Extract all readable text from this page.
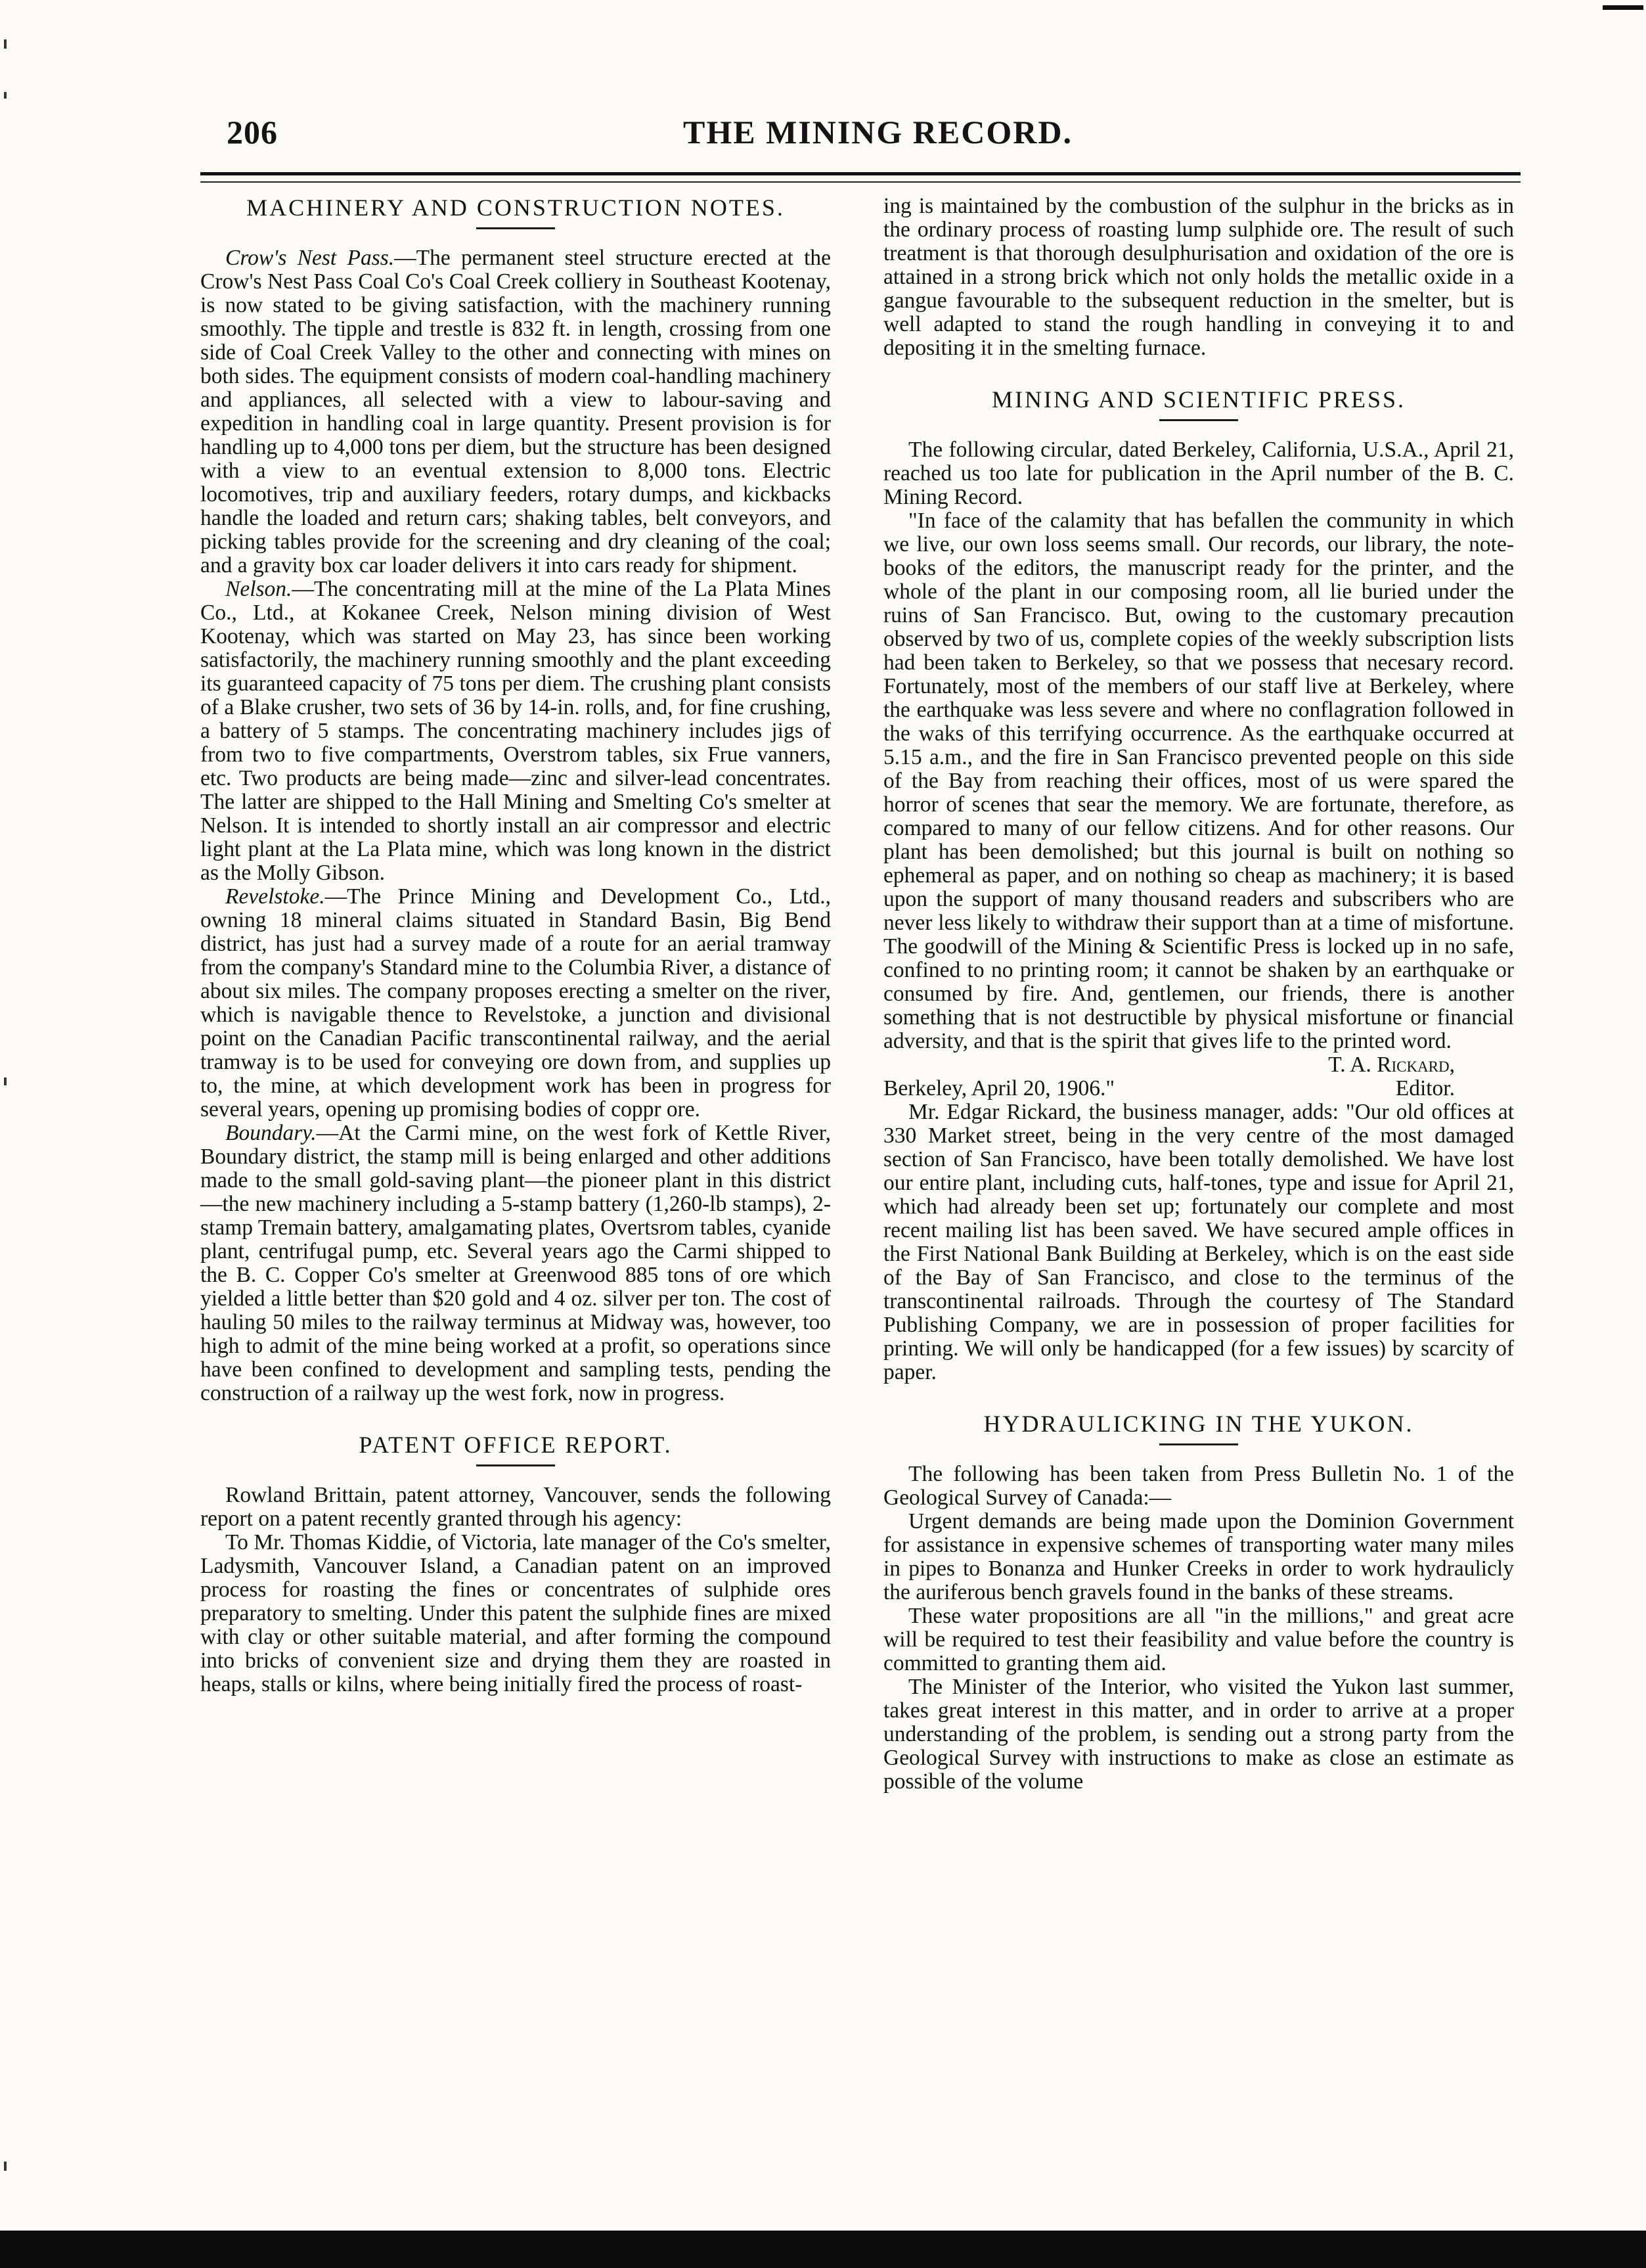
206	THE MINING RECORD.
MACHINERY AND CONSTRUCTION NOTES.

Crow's Nest Pass.—The permanent steel structure erected at the Crow's Nest Pass Coal Co's Coal Creek colliery in Southeast Kootenay, is now stated to be giving satisfaction, with the machinery running smoothly. The tipple and trestle is 832 ft. in length, crossing from one side of Coal Creek Valley to the other and connecting with mines on both sides. The equipment consists of modern coal-handling machinery and appliances, all selected with a view to labour-saving and expedition in handling coal in large quantity. Present provision is for handling up to 4,000 tons per diem, but the structure has been designed with a view to an eventual extension to 8,000 tons. Electric locomotives, trip and auxiliary feeders, rotary dumps, and kickbacks handle the loaded and return cars; shaking tables, belt conveyors, and picking tables provide for the screening and dry cleaning of the coal; and a gravity box car loader delivers it into cars ready for shipment.

Nelson.—The concentrating mill at the mine of the La Plata Mines Co., Ltd., at Kokanee Creek, Nelson mining division of West Kootenay, which was started on May 23, has since been working satisfactorily, the machinery running smoothly and the plant exceeding its guaranteed capacity of 75 tons per diem. The crushing plant consists of a Blake crusher, two sets of 36 by 14-in. rolls, and, for fine crushing, a battery of 5 stamps. The concentrating machinery includes jigs of from two to five compartments, Overstrom tables, six Frue vanners, etc. Two products are being made—zinc and silver-lead concentrates. The latter are shipped to the Hall Mining and Smelting Co's smelter at Nelson. It is intended to shortly install an air compressor and electric light plant at the La Plata mine, which was long known in the district as the Molly Gibson.

Revelstoke.—The Prince Mining and Development Co., Ltd., owning 18 mineral claims situated in Standard Basin, Big Bend district, has just had a survey made of a route for an aerial tramway from the company's Standard mine to the Columbia River, a distance of about six miles. The company proposes erecting a smelter on the river, which is navigable thence to Revelstoke, a junction and divisional point on the Canadian Pacific transcontinental railway, and the aerial tramway is to be used for conveying ore down from, and supplies up to, the mine, at which development work has been in progress for several years, opening up promising bodies of coppr ore.

Boundary.—At the Carmi mine, on the west fork of Kettle River, Boundary district, the stamp mill is being enlarged and other additions made to the small gold-saving plant—the pioneer plant in this district—the new machinery including a 5-stamp battery (1,260-lb stamps), 2-stamp Tremain battery, amalgamating plates, Overtsrom tables, cyanide plant, centrifugal pump, etc. Several years ago the Carmi shipped to the B. C. Copper Co's smelter at Greenwood 885 tons of ore which yielded a little better than $20 gold and 4 oz. silver per ton. The cost of hauling 50 miles to the railway terminus at Midway was, however, too high to admit of the mine being worked at a profit, so operations since have been confined to development and sampling tests, pending the construction of a railway up the west fork, now in progress.

PATENT OFFICE REPORT.

Rowland Brittain, patent attorney, Vancouver, sends the following report on a patent recently granted through his agency:

To Mr. Thomas Kiddie, of Victoria, late manager of the Co's smelter, Ladysmith, Vancouver Island, a Canadian patent on an improved process for roasting the fines or concentrates of sulphide ores preparatory to smelting. Under this patent the sulphide fines are mixed with clay or other suitable material, and after forming the compound into bricks of convenient size and drying them they are roasted in heaps, stalls or kilns, where being initially fired the process of roast-

ing is maintained by the combustion of the sulphur in the bricks as in the ordinary process of roasting lump sulphide ore. The result of such treatment is that thorough desulphurisation and oxidation of the ore is attained in a strong brick which not only holds the metallic oxide in a gangue favourable to the subsequent reduction in the smelter, but is well adapted to stand the rough handling in conveying it to and depositing it in the smelting furnace.

MINING AND SCIENTIFIC PRESS.

The following circular, dated Berkeley, California, U.S.A., April 21, reached us too late for publication in the April number of the B. C. Mining Record.

"In face of the calamity that has befallen the community in which we live, our own loss seems small. Our records, our library, the note-books of the editors, the manuscript ready for the printer, and the whole of the plant in our composing room, all lie buried under the ruins of San Francisco. But, owing to the customary precaution observed by two of us, complete copies of the weekly subscription lists had been taken to Berkeley, so that we possess that necesary record. Fortunately, most of the members of our staff live at Berkeley, where the earthquake was less severe and where no conflagration followed in the waks of this terrifying occurrence. As the earthquake occurred at 5.15 a.m., and the fire in San Francisco prevented people on this side of the Bay from reaching their offices, most of us were spared the horror of scenes that sear the memory. We are fortunate, therefore, as compared to many of our fellow citizens. And for other reasons. Our plant has been demolished; but this journal is built on nothing so ephemeral as paper, and on nothing so cheap as machinery; it is based upon the support of many thousand readers and subscribers who are never less likely to withdraw their support than at a time of misfortune. The goodwill of the Mining & Scientific Press is locked up in no safe, confined to no printing room; it cannot be shaken by an earthquake or consumed by fire. And, gentlemen, our friends, there is another something that is not destructible by physical misfortune or financial adversity, and that is the spirit that gives life to the printed word.

T. A. Rickard,

Berkeley, April 20, 1906."	Editor.

Mr. Edgar Rickard, the business manager, adds: "Our old offices at 330 Market street, being in the very centre of the most damaged section of San Francisco, have been totally demolished. We have lost our entire plant, including cuts, half-tones, type and issue for April 21, which had already been set up; fortunately our complete and most recent mailing list has been saved. We have secured ample offices in the First National Bank Building at Berkeley, which is on the east side of the Bay of San Francisco, and close to the terminus of the transcontinental railroads. Through the courtesy of The Standard Publishing Company, we are in possession of proper facilities for printing. We will only be handicapped (for a few issues) by scarcity of paper.

HYDRAULICKING IN THE YUKON.

The following has been taken from Press Bulletin No. 1 of the Geological Survey of Canada:—

Urgent demands are being made upon the Dominion Government for assistance in expensive schemes of transporting water many miles in pipes to Bonanza and Hunker Creeks in order to work hydraulicly the auriferous bench gravels found in the banks of these streams.

These water propositions are all "in the millions," and great acre will be required to test their feasibility and value before the country is committed to granting them aid.

The Minister of the Interior, who visited the Yukon last summer, takes great interest in this matter, and in order to arrive at a proper understanding of the problem, is sending out a strong party from the Geological Survey with instructions to make as close an estimate as possible of the volume
